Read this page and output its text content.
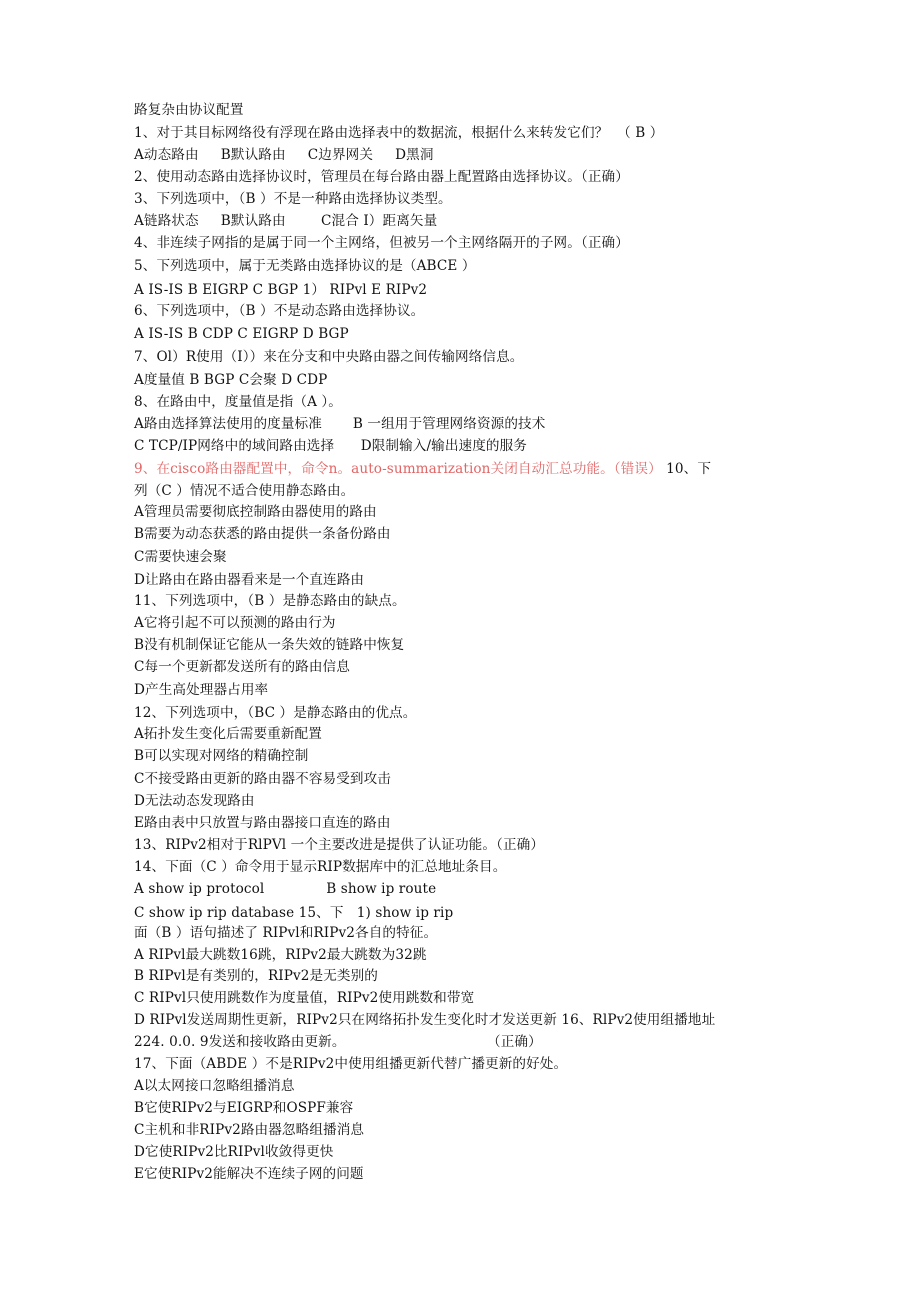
路复杂由协议配置
1、对于其目标网络役有浮现在路由选择表中的数据流，根据什么来转发它们？  （ B ）
A动态路由     B默认路由     C边界网关     D黑洞
2、使用动态路由选择协议时，管理员在每台路由器上配置路由选择协议。（正确）
3、下列选项中，（B ）不是一种路由选择协议类型。
A链路状态     B默认路由        C混合 I）距离矢量
4、非连续子网指的是属于同一个主网络，但被另一个主网络隔开的子网。（正确）
5、下列选项中，属于无类路由选择协议的是（ABCE ）
A IS-IS B EIGRP C BGP 1） RIPvl E RIPv2
6、下列选项中，（B ）不是动态路由选择协议。
A IS-IS B CDP C EIGRP D BGP
7、Ol）R使用（I））来在分支和中央路由器之间传输网络信息。
A度量值 B BGP C会聚 D CDP
8、在路由中，度量值是指（A ）。
A路由选择算法使用的度量标准       B 一组用于管理网络资源的技术
C TCP/IP网络中的域间路由选择      D限制输入/输出速度的服务
9、在cisco路由器配置中，命令n。auto-summarization关闭自动汇总功能。（错误） 10、下
列（C ）情况不适合使用静态路由。
A管理员需要彻底控制路由器使用的路由
B需要为动态获悉的路由提供一条备份路由
C需要快速会聚
D让路由在路由器看来是一个直连路由
11、下列选项中，（B ）是静态路由的缺点。
A它将引起不可以预测的路由行为
B没有机制保证它能从一条失效的链路中恢复
C每一个更新都发送所有的路由信息
D产生高处理器占用率
12、下列选项中，（BC ）是静态路由的优点。
A拓扑发生变化后需要重新配置
B可以实现对网络的精确控制
C不接受路由更新的路由器不容易受到攻击
D无法动态发现路由
E路由表中只放置与路由器接口直连的路由
13、RIPv2相对于RlPVl 一个主要改进是提供了认证功能。（正确）
14、下面（C ）命令用于显示RIP数据库中的汇总地址条目。
A show ip protocol              B show ip route
C show ip rip database 15、下   1) show ip rip
面（B ）语句描述了 RIPvl和RIPv2各自的特征。
A RIPvl最大跳数16跳，RIPv2最大跳数为32跳
B RIPvl是有类别的，RIPv2是无类别的
C RIPvl只使用跳数作为度量值，RIPv2使用跳数和带宽
D RIPvl发送周期性更新，RIPv2只在网络拓扑发生变化时才发送更新 16、RlPv2使用组播地址
224. 0.0. 9发送和接收路由更新。                                （正确）
17、下面（ABDE ）不是RIPv2中使用组播更新代替广播更新的好处。
A以太网接口忽略组播消息
B它使RIPv2与EIGRP和OSPF兼容
C主机和非RIPv2路由器忽略组播消息
D它使RIPv2比RIPvl收敛得更快
E它使RIPv2能解决不连续子网的问题
